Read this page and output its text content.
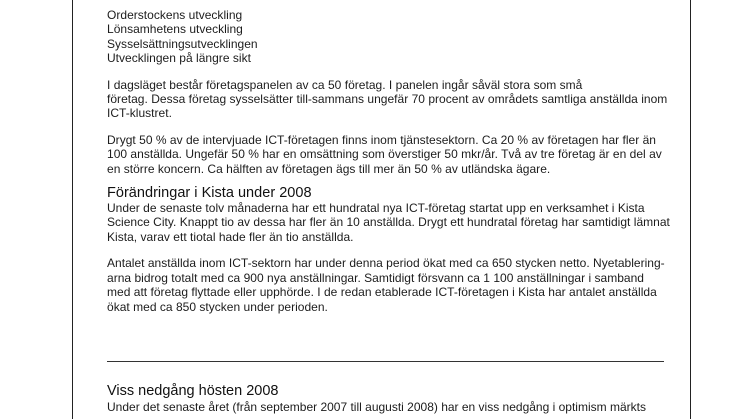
Orderstockens utveckling
Lönsamhetens utveckling
Sysselsättningsutvecklingen
Utvecklingen på längre sikt
I dagsläget består företagspanelen av ca 50 företag. I panelen ingår såväl stora som små
företag. Dessa företag sysselsätter till-sammans ungefär 70 procent av områdets samtliga anställda inom
ICT-klustret.
Drygt 50 % av de intervjuade ICT-företagen finns inom tjänstesektorn. Ca 20 % av företagen har fler än
100 anställda. Ungefär 50 % har en omsättning som överstiger 50 mkr/år. Två av tre företag är en del av
en större koncern. Ca hälften av företagen ägs till mer än 50 % av utländska ägare.
Förändringar i Kista under 2008
Under de senaste tolv månaderna har ett hundratal nya ICT-företag startat upp en verksamhet i Kista
Science City. Knappt tio av dessa har fler än 10 anställda. Drygt ett hundratal företag har samtidigt lämnat
Kista, varav ett tiotal hade fler än tio anställda.
Antalet anställda inom ICT-sektorn har under denna period ökat med ca 650 stycken netto. Nyetablering-
arna bidrog totalt med ca 900 nya anställningar. Samtidigt försvann ca 1 100 anställningar i samband
med att företag flyttade eller upphörde. I de redan etablerade ICT-företagen i Kista har antalet anställda
ökat med ca 850 stycken under perioden.
Viss nedgång hösten 2008
Under det senaste året (från september 2007 till augusti 2008) har en viss nedgång i optimism märkts
